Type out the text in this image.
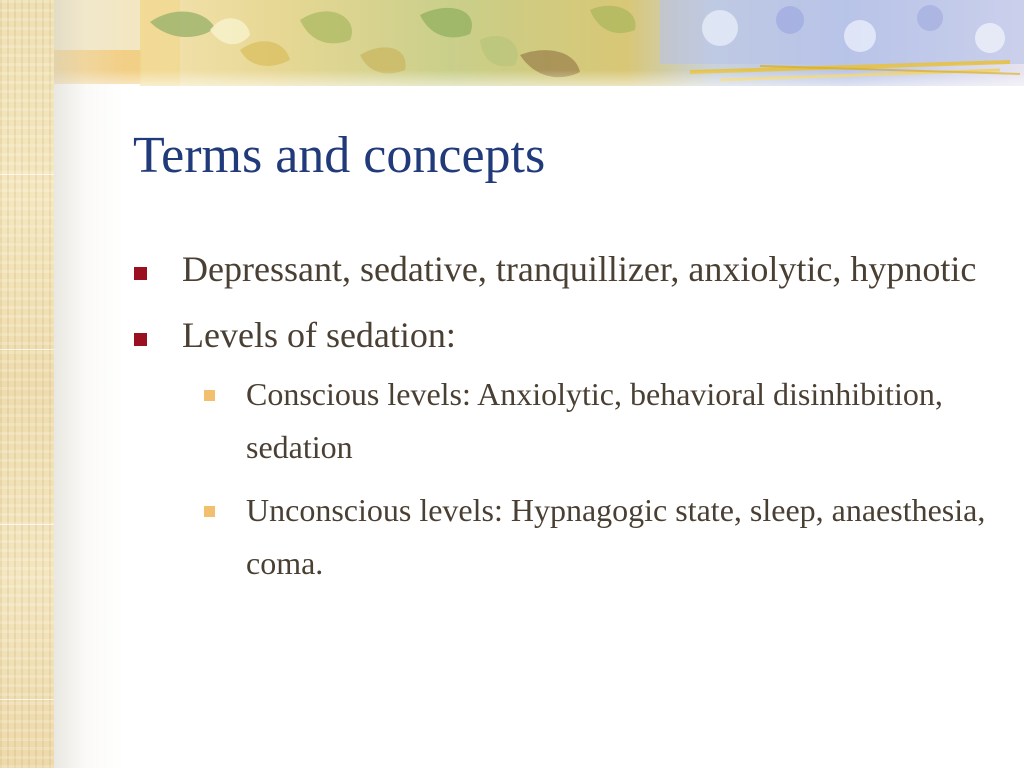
Terms and concepts
Depressant, sedative, tranquillizer, anxiolytic, hypnotic
Levels of sedation:
Conscious levels: Anxiolytic, behavioral disinhibition, sedation
Unconscious levels: Hypnagogic state, sleep, anaesthesia, coma.
